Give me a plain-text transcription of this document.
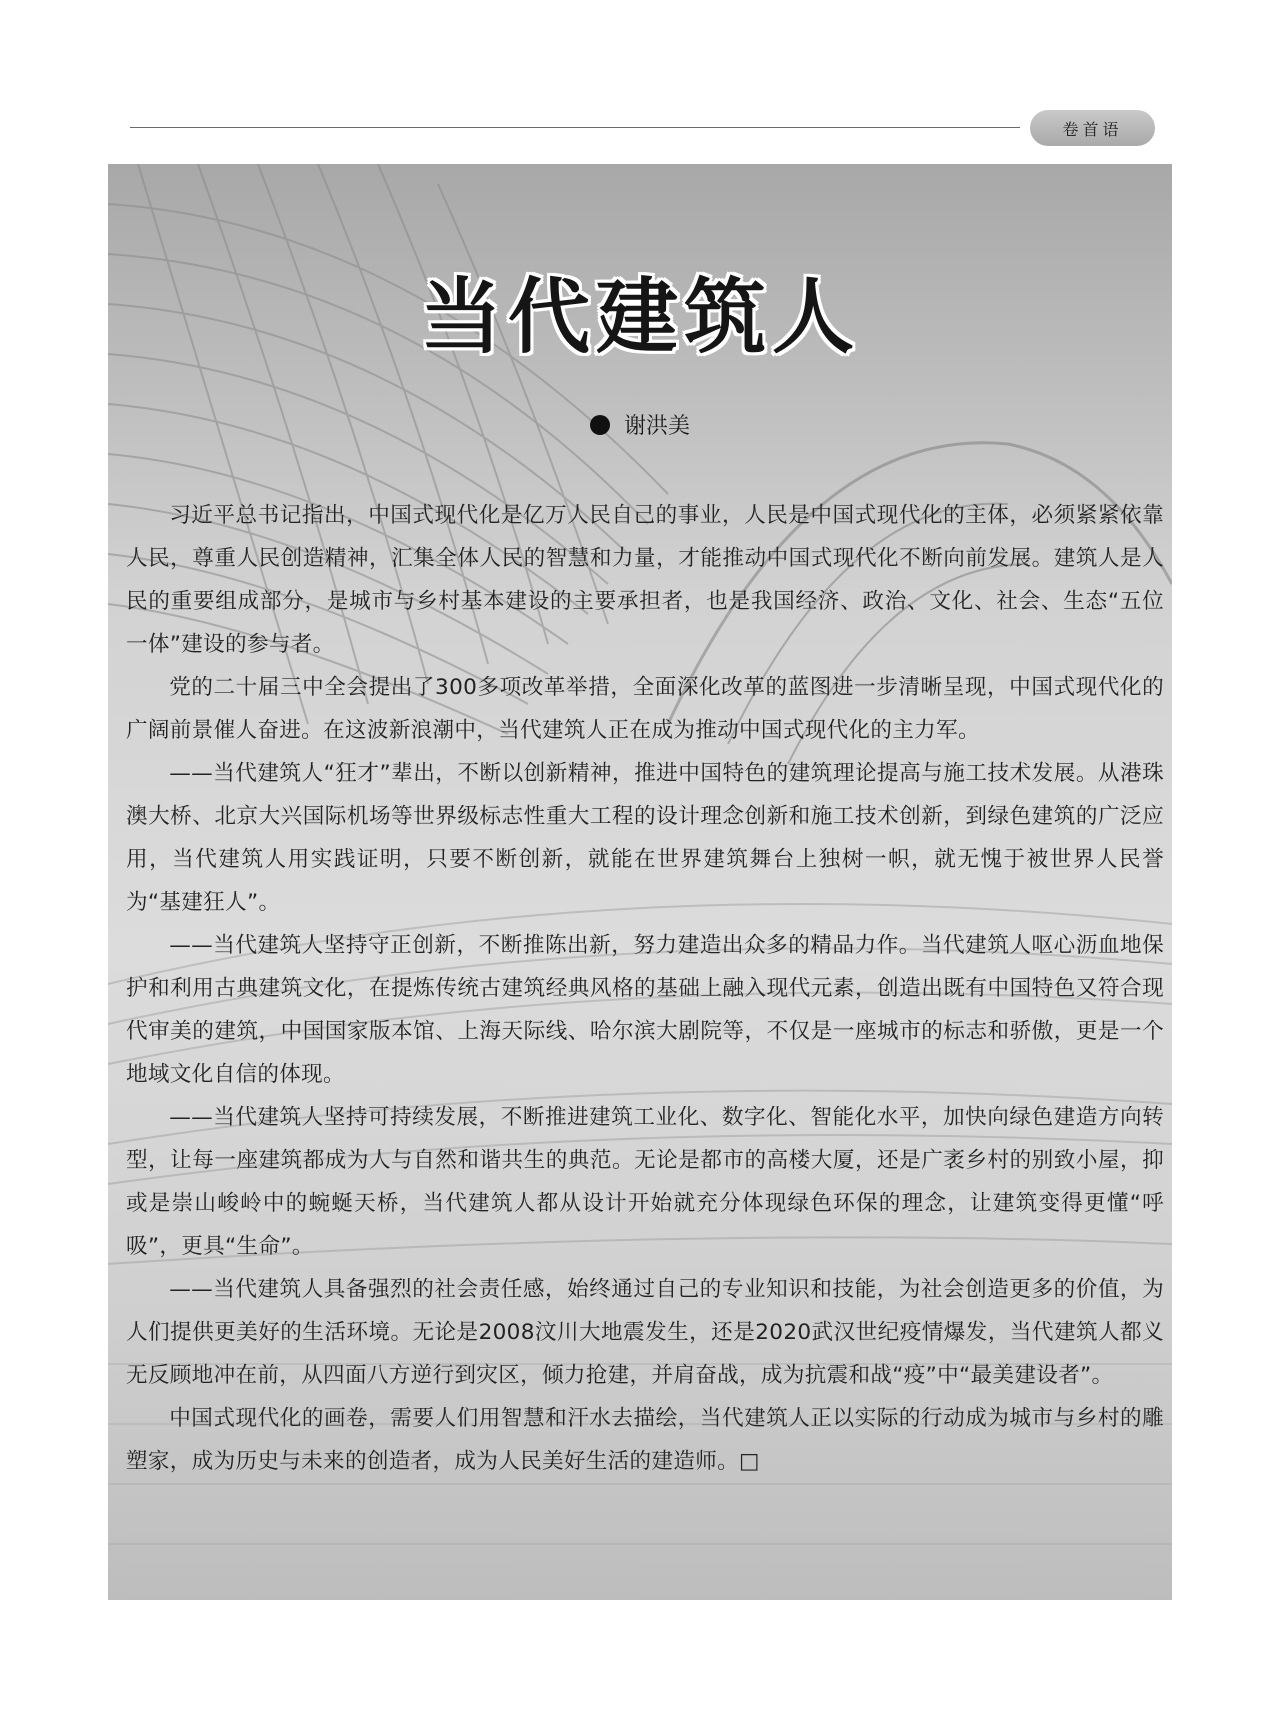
卷首语
当代建筑人
谢洪美

习近平总书记指出，中国式现代化是亿万人民自己的事业，人民是中国式现代化的主体，必须紧紧依靠人民，尊重人民创造精神，汇集全体人民的智慧和力量，才能推动中国式现代化不断向前发展。建筑人是人民的重要组成部分，是城市与乡村基本建设的主要承担者，也是我国经济、政治、文化、社会、生态“五位一体”建设的参与者。

党的二十届三中全会提出了300多项改革举措，全面深化改革的蓝图进一步清晰呈现，中国式现代化的广阔前景催人奋进。在这波新浪潮中，当代建筑人正在成为推动中国式现代化的主力军。

——当代建筑人“狂才”辈出，不断以创新精神，推进中国特色的建筑理论提高与施工技术发展。从港珠澳大桥、北京大兴国际机场等世界级标志性重大工程的设计理念创新和施工技术创新，到绿色建筑的广泛应用，当代建筑人用实践证明，只要不断创新，就能在世界建筑舞台上独树一帜，就无愧于被世界人民誉为“基建狂人”。

——当代建筑人坚持守正创新，不断推陈出新，努力建造出众多的精品力作。当代建筑人呕心沥血地保护和利用古典建筑文化，在提炼传统古建筑经典风格的基础上融入现代元素，创造出既有中国特色又符合现代审美的建筑，中国国家版本馆、上海天际线、哈尔滨大剧院等，不仅是一座城市的标志和骄傲，更是一个地域文化自信的体现。

——当代建筑人坚持可持续发展，不断推进建筑工业化、数字化、智能化水平，加快向绿色建造方向转型，让每一座建筑都成为人与自然和谐共生的典范。无论是都市的高楼大厦，还是广袤乡村的别致小屋，抑或是崇山峻岭中的蜿蜒天桥，当代建筑人都从设计开始就充分体现绿色环保的理念，让建筑变得更懂“呼吸”，更具“生命”。

——当代建筑人具备强烈的社会责任感，始终通过自己的专业知识和技能，为社会创造更多的价值，为人们提供更美好的生活环境。无论是2008汶川大地震发生，还是2020武汉世纪疫情爆发，当代建筑人都义无反顾地冲在前，从四面八方逆行到灾区，倾力抢建，并肩奋战，成为抗震和战“疫”中“最美建设者”。

中国式现代化的画卷，需要人们用智慧和汗水去描绘，当代建筑人正以实际的行动成为城市与乡村的雕塑家，成为历史与未来的创造者，成为人民美好生活的建造师。□
